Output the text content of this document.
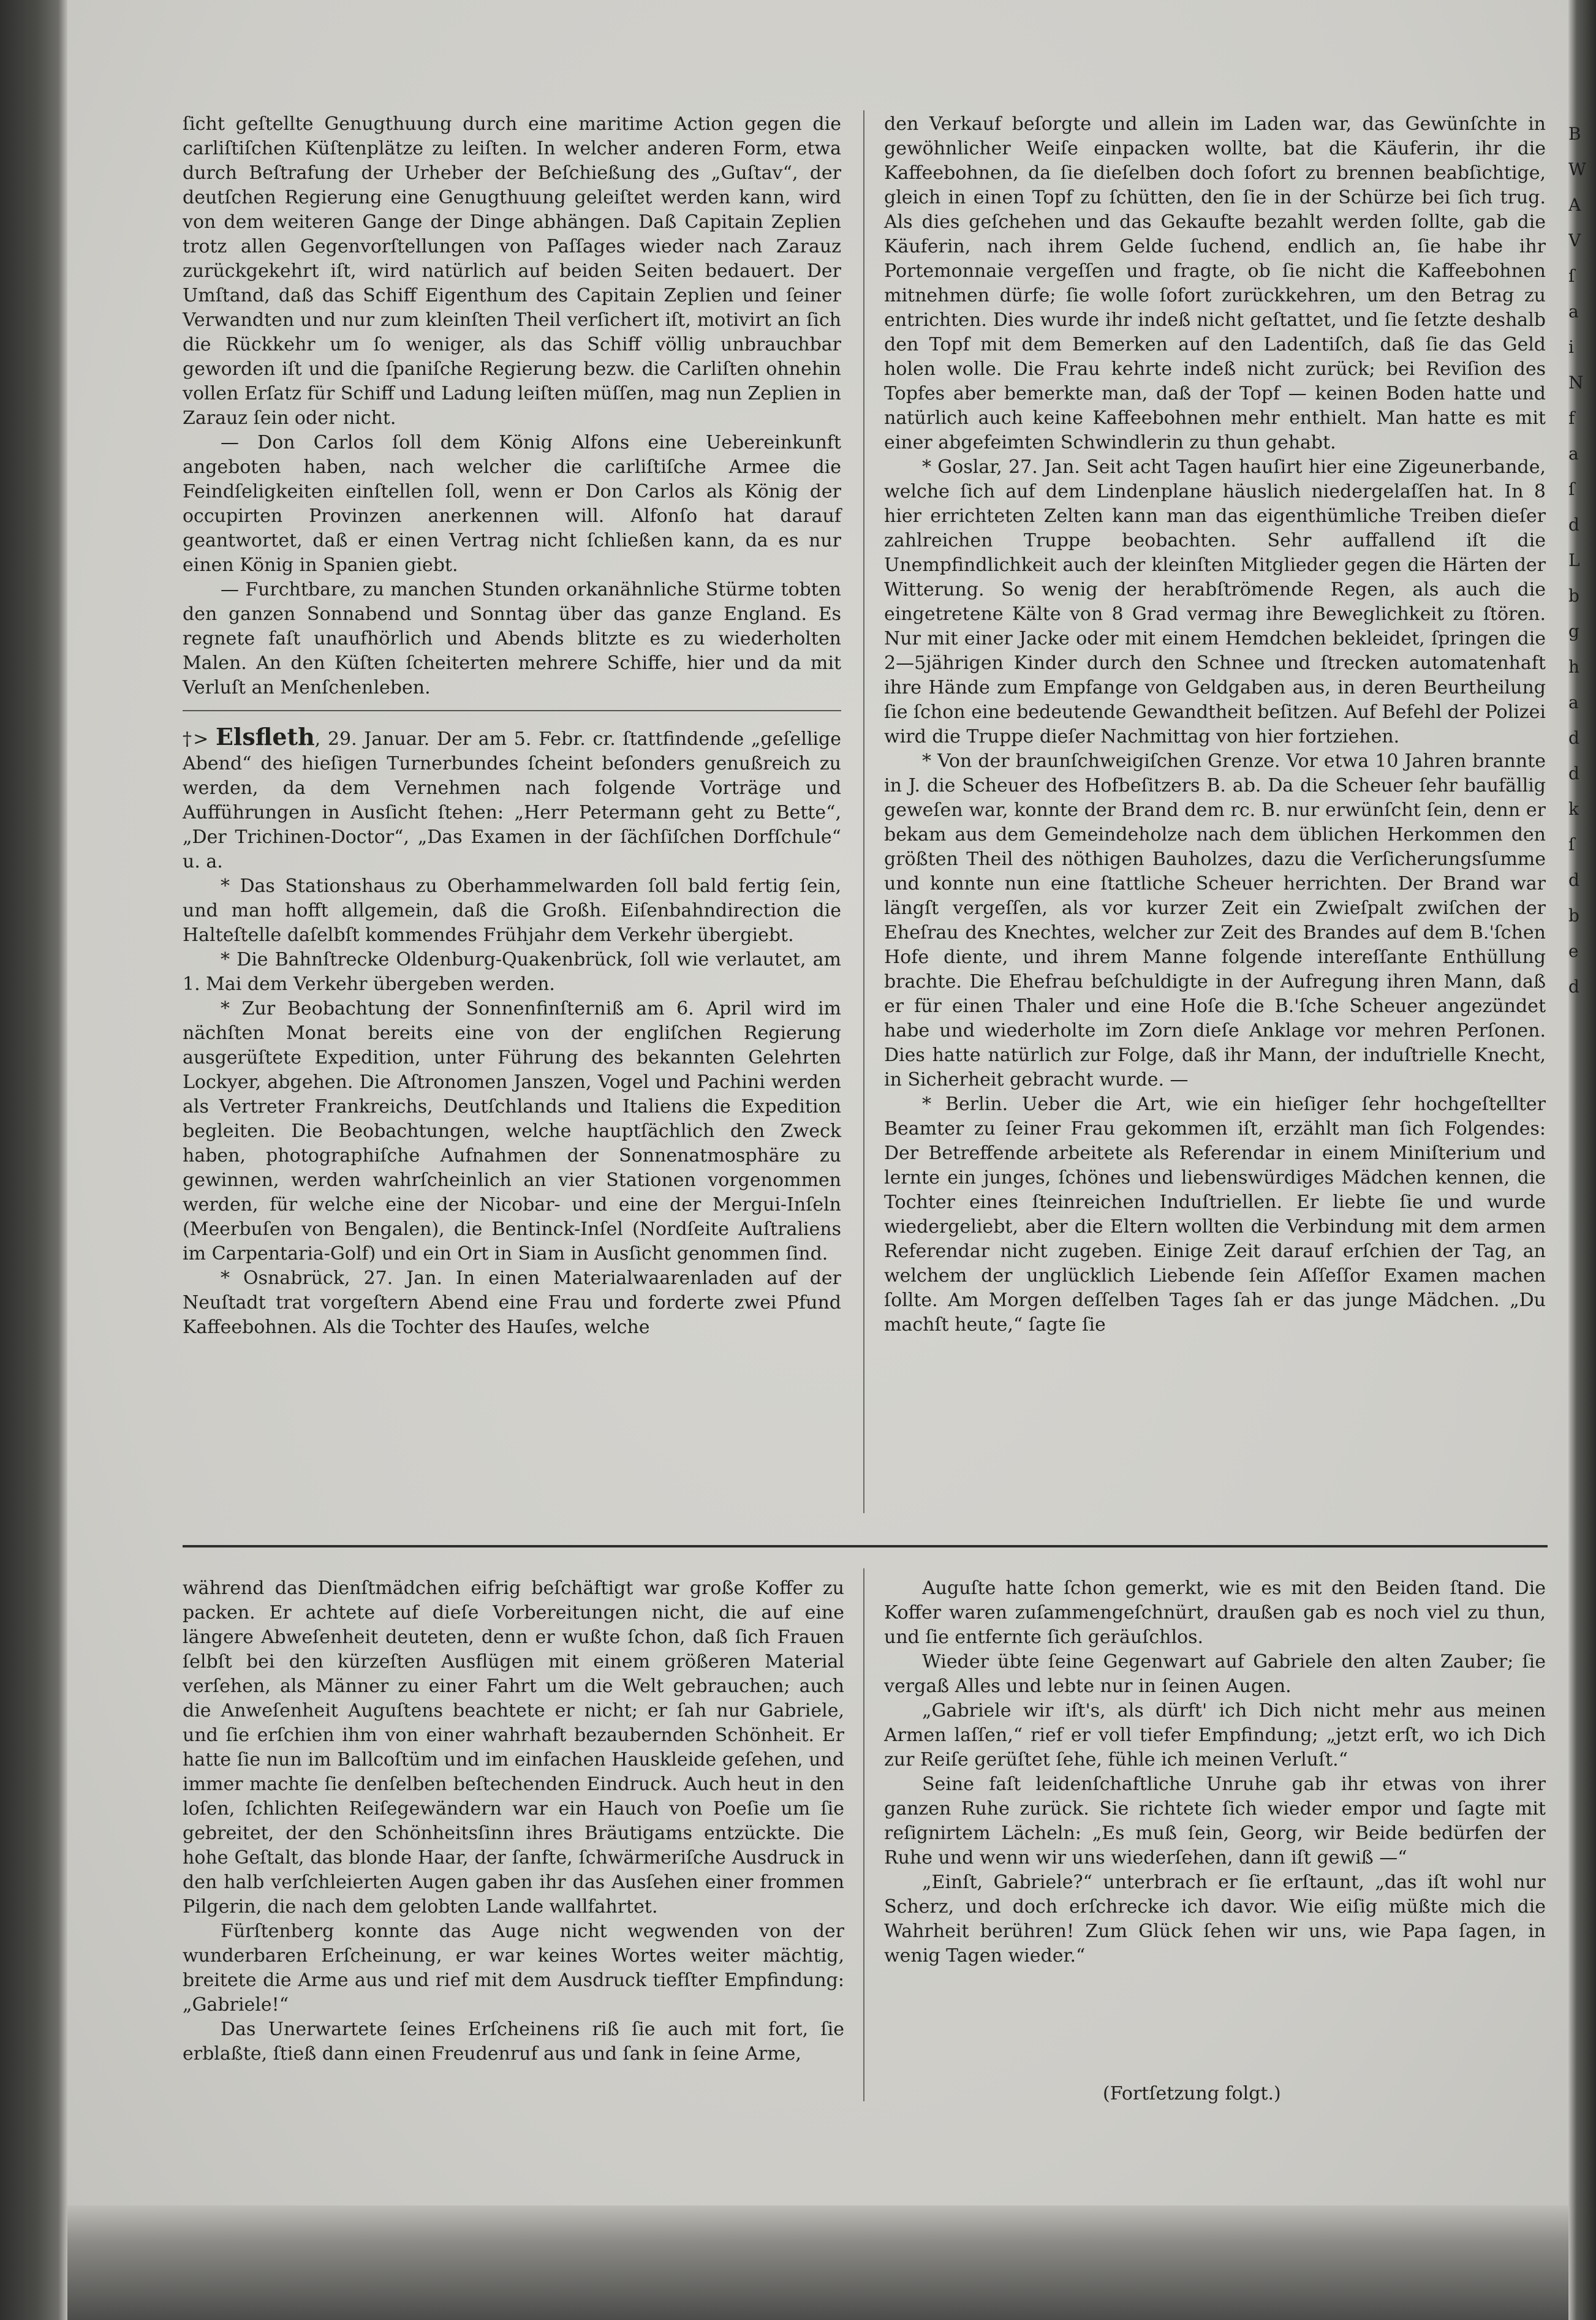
ſicht geſtellte Genugthuung durch eine maritime Action gegen die carliſtiſchen Küſtenplätze zu leiſten. In welcher anderen Form, etwa durch Beſtrafung der Urheber der Beſchießung des „Guſtav“, der deutſchen Regierung eine Genugthuung geleiſtet werden kann, wird von dem weiteren Gange der Dinge abhängen. Daß Capitain Zeplien trotz allen Gegenvorſtellungen von Paſſages wieder nach Zarauz zurückgekehrt iſt, wird natürlich auf beiden Seiten bedauert. Der Umſtand, daß das Schiff Eigenthum des Capitain Zeplien und ſeiner Verwandten und nur zum kleinſten Theil verſichert iſt, motivirt an ſich die Rückkehr um ſo weniger, als das Schiff völlig unbrauchbar geworden iſt und die ſpaniſche Regierung bezw. die Carliſten ohnehin vollen Erſatz für Schiff und Ladung leiſten müſſen, mag nun Zeplien in Zarauz ſein oder nicht.

— Don Carlos ſoll dem König Alfons eine Uebereinkunft angeboten haben, nach welcher die carliſtiſche Armee die Feindſeligkeiten einſtellen ſoll, wenn er Don Carlos als König der occupirten Provinzen anerkennen will. Alfonſo hat darauf geantwortet, daß er einen Vertrag nicht ſchließen kann, da es nur einen König in Spanien giebt.

— Furchtbare, zu manchen Stunden orkanähnliche Stürme tobten den ganzen Sonnabend und Sonntag über das ganze England. Es regnete faſt unaufhörlich und Abends blitzte es zu wiederholten Malen. An den Küſten ſcheiterten mehrere Schiffe, hier und da mit Verluſt an Menſchenleben.

†> Elsfleth, 29. Januar. Der am 5. Febr. cr. ſtattfindende „geſellige Abend“ des hieſigen Turnerbundes ſcheint beſonders genußreich zu werden, da dem Vernehmen nach folgende Vorträge und Aufführungen in Ausſicht ſtehen: „Herr Petermann geht zu Bette“, „Der Trichinen-Doctor“, „Das Examen in der ſächſiſchen Dorfſchule“ u. a.

* Das Stationshaus zu Oberhammelwarden ſoll bald fertig ſein, und man hofft allgemein, daß die Großh. Eiſenbahndirection die Halteſtelle daſelbſt kommendes Frühjahr dem Verkehr übergiebt.

* Die Bahnſtrecke Oldenburg-Quakenbrück, ſoll wie verlautet, am 1. Mai dem Verkehr übergeben werden.

* Zur Beobachtung der Sonnenfinſterniß am 6. April wird im nächſten Monat bereits eine von der engliſchen Regierung ausgerüſtete Expedition, unter Führung des bekannten Gelehrten Lockyer, abgehen. Die Aſtronomen Janszen, Vogel und Pachini werden als Vertreter Frankreichs, Deutſchlands und Italiens die Expedition begleiten. Die Beobachtungen, welche hauptſächlich den Zweck haben, photographiſche Aufnahmen der Sonnenatmosphäre zu gewinnen, werden wahrſcheinlich an vier Stationen vorgenommen werden, für welche eine der Nicobar- und eine der Mergui-Inſeln (Meerbuſen von Bengalen), die Bentinck-Inſel (Nordſeite Auſtraliens im Carpentaria-Golf) und ein Ort in Siam in Ausſicht genommen ſind.

* Osnabrück, 27. Jan. In einen Materialwaarenladen auf der Neuſtadt trat vorgeſtern Abend eine Frau und forderte zwei Pfund Kaffeebohnen. Als die Tochter des Hauſes, welche

den Verkauf beſorgte und allein im Laden war, das Gewünſchte in gewöhnlicher Weiſe einpacken wollte, bat die Käuferin, ihr die Kaffeebohnen, da ſie dieſelben doch ſofort zu brennen beabſichtige, gleich in einen Topf zu ſchütten, den ſie in der Schürze bei ſich trug. Als dies geſchehen und das Gekaufte bezahlt werden ſollte, gab die Käuferin, nach ihrem Gelde ſuchend, endlich an, ſie habe ihr Portemonnaie vergeſſen und fragte, ob ſie nicht die Kaffeebohnen mitnehmen dürfe; ſie wolle ſofort zurückkehren, um den Betrag zu entrichten. Dies wurde ihr indeß nicht geſtattet, und ſie ſetzte deshalb den Topf mit dem Bemerken auf den Ladentiſch, daß ſie das Geld holen wolle. Die Frau kehrte indeß nicht zurück; bei Reviſion des Topfes aber bemerkte man, daß der Topf — keinen Boden hatte und natürlich auch keine Kaffeebohnen mehr enthielt. Man hatte es mit einer abgefeimten Schwindlerin zu thun gehabt.

* Goslar, 27. Jan. Seit acht Tagen hauſirt hier eine Zigeunerbande, welche ſich auf dem Lindenplane häuslich niedergelaſſen hat. In 8 hier errichteten Zelten kann man das eigenthümliche Treiben dieſer zahlreichen Truppe beobachten. Sehr auffallend iſt die Unempfindlichkeit auch der kleinſten Mitglieder gegen die Härten der Witterung. So wenig der herabſtrömende Regen, als auch die eingetretene Kälte von 8 Grad vermag ihre Beweglichkeit zu ſtören. Nur mit einer Jacke oder mit einem Hemdchen bekleidet, ſpringen die 2—5jährigen Kinder durch den Schnee und ſtrecken automatenhaft ihre Hände zum Empfange von Geldgaben aus, in deren Beurtheilung ſie ſchon eine bedeutende Gewandtheit beſitzen. Auf Befehl der Polizei wird die Truppe dieſer Nachmittag von hier fortziehen.

* Von der braunſchweigiſchen Grenze. Vor etwa 10 Jahren brannte in J. die Scheuer des Hofbeſitzers B. ab. Da die Scheuer ſehr baufällig geweſen war, konnte der Brand dem rc. B. nur erwünſcht ſein, denn er bekam aus dem Gemeindeholze nach dem üblichen Herkommen den größten Theil des nöthigen Bauholzes, dazu die Verſicherungsſumme und konnte nun eine ſtattliche Scheuer herrichten. Der Brand war längſt vergeſſen, als vor kurzer Zeit ein Zwieſpalt zwiſchen der Eheſrau des Knechtes, welcher zur Zeit des Brandes auf dem B.'ſchen Hofe diente, und ihrem Manne folgende intereſſante Enthüllung brachte. Die Ehefrau beſchuldigte in der Aufregung ihren Mann, daß er für einen Thaler und eine Hoſe die B.'ſche Scheuer angezündet habe und wiederholte im Zorn dieſe Anklage vor mehren Perſonen. Dies hatte natürlich zur Folge, daß ihr Mann, der induſtrielle Knecht, in Sicherheit gebracht wurde. —

* Berlin. Ueber die Art, wie ein hieſiger ſehr hochgeſtellter Beamter zu ſeiner Frau gekommen iſt, erzählt man ſich Folgendes: Der Betreffende arbeitete als Referendar in einem Miniſterium und lernte ein junges, ſchönes und liebenswürdiges Mädchen kennen, die Tochter eines ſteinreichen Induſtriellen. Er liebte ſie und wurde wiedergeliebt, aber die Eltern wollten die Verbindung mit dem armen Referendar nicht zugeben. Einige Zeit darauf erſchien der Tag, an welchem der unglücklich Liebende ſein Aſſeſſor Examen machen ſollte. Am Morgen deſſelben Tages ſah er das junge Mädchen. „Du machſt heute,“ ſagte ſie

während das Dienſtmädchen eifrig beſchäftigt war große Koffer zu packen. Er achtete auf dieſe Vorbereitungen nicht, die auf eine längere Abweſenheit deuteten, denn er wußte ſchon, daß ſich Frauen ſelbſt bei den kürzeſten Ausflügen mit einem größeren Material verſehen, als Männer zu einer Fahrt um die Welt gebrauchen; auch die Anweſenheit Auguſtens beachtete er nicht; er ſah nur Gabriele, und ſie erſchien ihm von einer wahrhaft bezaubernden Schönheit. Er hatte ſie nun im Ballcoſtüm und im einfachen Hauskleide geſehen, und immer machte ſie denſelben beſtechenden Eindruck. Auch heut in den loſen, ſchlichten Reiſegewändern war ein Hauch von Poeſie um ſie gebreitet, der den Schönheitsſinn ihres Bräutigams entzückte. Die hohe Geſtalt, das blonde Haar, der ſanfte, ſchwärmeriſche Ausdruck in den halb verſchleierten Augen gaben ihr das Ausſehen einer frommen Pilgerin, die nach dem gelobten Lande wallfahrtet.

Fürſtenberg konnte das Auge nicht wegwenden von der wunderbaren Erſcheinung, er war keines Wortes weiter mächtig, breitete die Arme aus und rief mit dem Ausdruck tiefſter Empfindung: „Gabriele!“

Das Unerwartete ſeines Erſcheinens riß ſie auch mit fort, ſie erblaßte, ſtieß dann einen Freudenruf aus und ſank in ſeine Arme,

Auguſte hatte ſchon gemerkt, wie es mit den Beiden ſtand. Die Koffer waren zuſammengeſchnürt, draußen gab es noch viel zu thun, und ſie entfernte ſich geräuſchlos.

Wieder übte ſeine Gegenwart auf Gabriele den alten Zauber; ſie vergaß Alles und lebte nur in ſeinen Augen.

„Gabriele wir iſt's, als dürft' ich Dich nicht mehr aus meinen Armen laſſen,“ rief er voll tiefer Empfindung; „jetzt erſt, wo ich Dich zur Reiſe gerüſtet ſehe, fühle ich meinen Verluſt.“

Seine faſt leidenſchaftliche Unruhe gab ihr etwas von ihrer ganzen Ruhe zurück. Sie richtete ſich wieder empor und ſagte mit reſignirtem Lächeln: „Es muß ſein, Georg, wir Beide bedürfen der Ruhe und wenn wir uns wiederſehen, dann iſt gewiß —“

„Einſt, Gabriele?“ unterbrach er ſie erſtaunt, „das iſt wohl nur Scherz, und doch erſchrecke ich davor. Wie eiſig müßte mich die Wahrheit berühren! Zum Glück ſehen wir uns, wie Papa ſagen, in wenig Tagen wieder.“

(Fortſetzung folgt.)
B
W
A
V
ſ
a
i
N
f
a
ſ
d
L
b
g
h
a
d
d
k
ſ
d
b
e
d
